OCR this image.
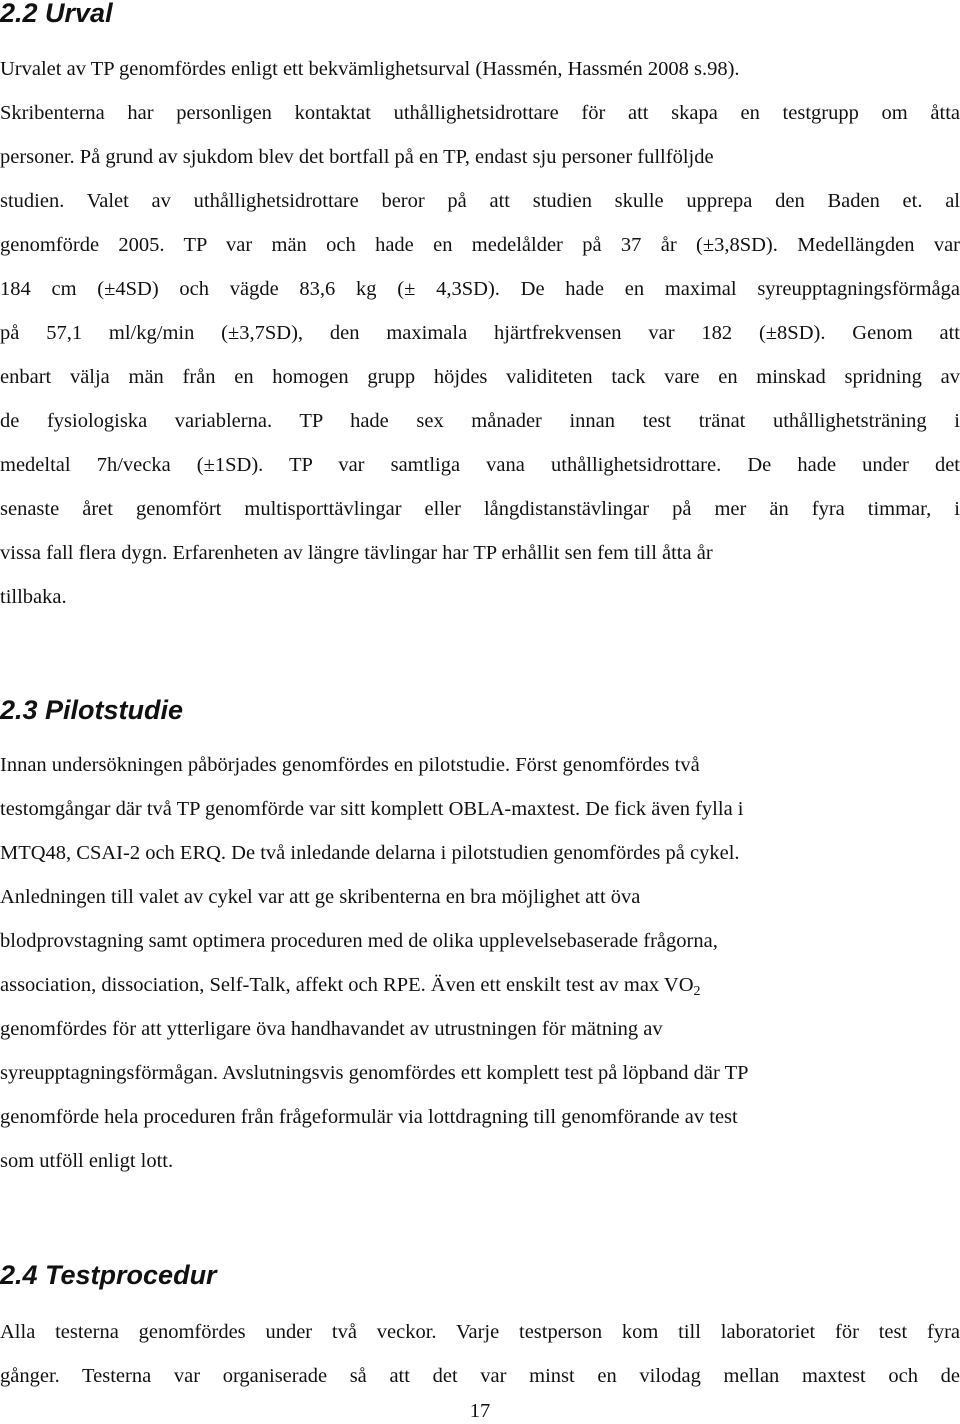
2.2 Urval
Urvalet av TP genomfördes enligt ett bekvämlighetsurval (Hassmén, Hassmén 2008 s.98).
Skribenterna har personligen kontaktat uthållighetsidrottare för att skapa en testgrupp om åtta
personer. På grund av sjukdom blev det bortfall på en TP, endast sju personer fullföljde
studien. Valet av uthållighetsidrottare beror på att studien skulle upprepa den Baden et. al
genomförde 2005. TP var män och hade en medelålder på 37 år (±3,8SD). Medellängden var
184 cm (±4SD) och vägde 83,6 kg (± 4,3SD). De hade en maximal syreupptagningsförmåga
på 57,1 ml/kg/min (±3,7SD), den maximala hjärtfrekvensen var 182 (±8SD). Genom att
enbart välja män från en homogen grupp höjdes validiteten tack vare en minskad spridning av
de fysiologiska variablerna. TP hade sex månader innan test tränat uthållighetsträning i
medeltal 7h/vecka (±1SD). TP var samtliga vana uthållighetsidrottare. De hade under det
senaste året genomfört multisporttävlingar eller långdistanstävlingar på mer än fyra timmar, i
vissa fall flera dygn. Erfarenheten av längre tävlingar har TP erhållit sen fem till åtta år
tillbaka.
2.3 Pilotstudie
Innan undersökningen påbörjades genomfördes en pilotstudie. Först genomfördes två
testomgångar där två TP genomförde var sitt komplett OBLA-maxtest. De fick även fylla i
MTQ48, CSAI-2 och ERQ. De två inledande delarna i pilotstudien genomfördes på cykel.
Anledningen till valet av cykel var att ge skribenterna en bra möjlighet att öva
blodprovstagning samt optimera proceduren med de olika upplevelsebaserade frågorna,
association, dissociation, Self-Talk, affekt och RPE. Även ett enskilt test av $\max VO_2$
genomfördes för att ytterligare öva handhavandet av utrustningen för mätning av
syreupptagningsförmågan. Avslutningsvis genomfördes ett komplett test på löpband där TP
genomförde hela proceduren från frågeformulär via lottdragning till genomförande av test
som utföll enligt lott.
2.4 Testprocedur
Alla testerna genomfördes under två veckor. Varje testperson kom till laboratoriet för test fyra
gånger. Testerna var organiserade så att det var minst en vilodag mellan maxtest och de
17
